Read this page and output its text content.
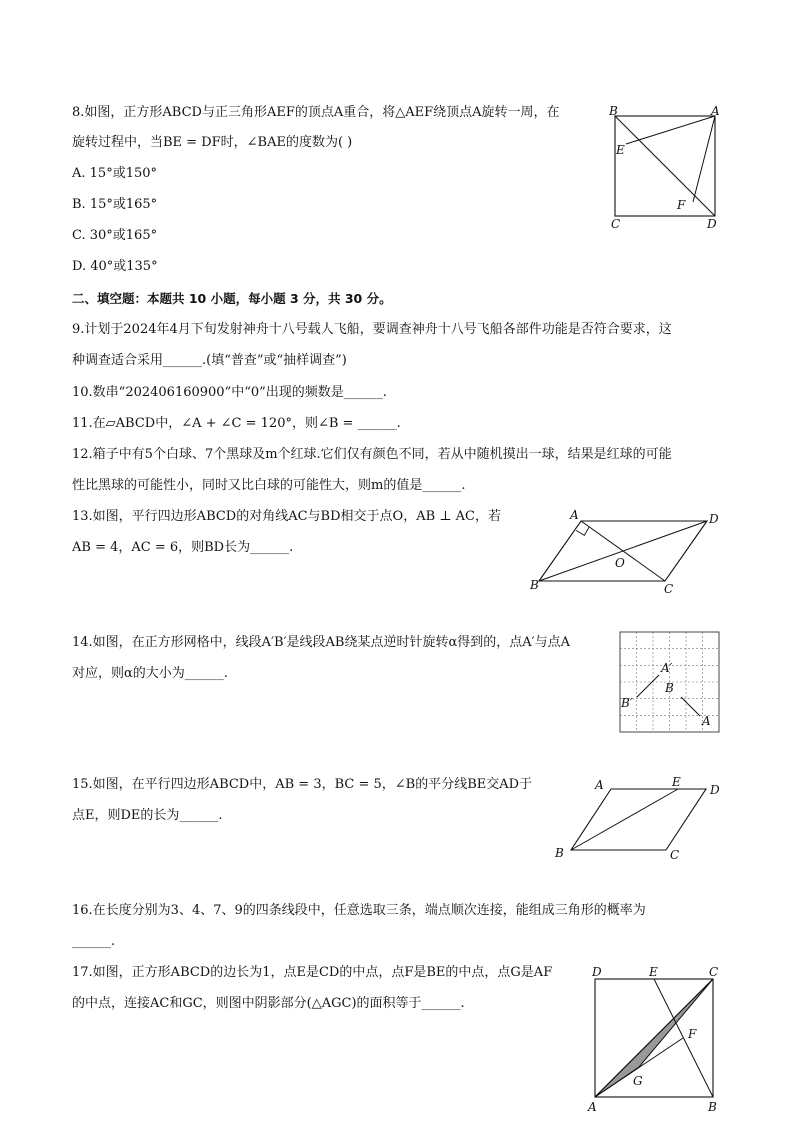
8.如图，正方形ABCD与正三角形AEF的顶点A重合，将△AEF绕顶点A旋转一周，在
旋转过程中，当BE = DF时，∠BAE的度数为( )
A. 15°或150°
B. 15°或165°
C. 30°或165°
D. 40°或135°
B	A
E
F
C	D
二、填空题：本题共 10 小题，每小题 3 分，共 30 分。
9.计划于2024年4月下旬发射神舟十八号载人飞船，要调查神舟十八号飞船各部件功能是否符合要求，这
种调查适合采用______.(填“普查”或“抽样调查”)
10.数串“202406160900”中“0”出现的频数是______.
11.在▱ABCD中，∠A + ∠C = 120°，则∠B = ______.
12.箱子中有5个白球、7个黑球及m个红球.它们仅有颜色不同，若从中随机摸出一球，结果是红球的可能
性比黑球的可能性小，同时又比白球的可能性大，则m的值是______.
13.如图，平行四边形ABCD的对角线AC与BD相交于点O，AB ⊥ AC，若
AB = 4，AC = 6，则BD长为______.
A	D
O
B	C
14.如图，在正方形网格中，线段A′B′是线段AB绕某点逆时针旋转α得到的，点A′与点A
对应，则α的大小为______.	A′
B
B′
A
15.如图，在平行四边形ABCD中，AB = 3，BC = 5，∠B的平分线BE交AD于
点E，则DE的长为______.
A	E
D
B	C
16.在长度分别为3、4、7、9的四条线段中，任意选取三条，端点顺次连接，能组成三角形的概率为
______.
17.如图，正方形ABCD的边长为1，点E是CD的中点，点F是BE的中点，点G是AF
的中点，连接AC和GC，则图中阴影部分(△AGC)的面积等于______.
D	E	C
F
G
A	B
